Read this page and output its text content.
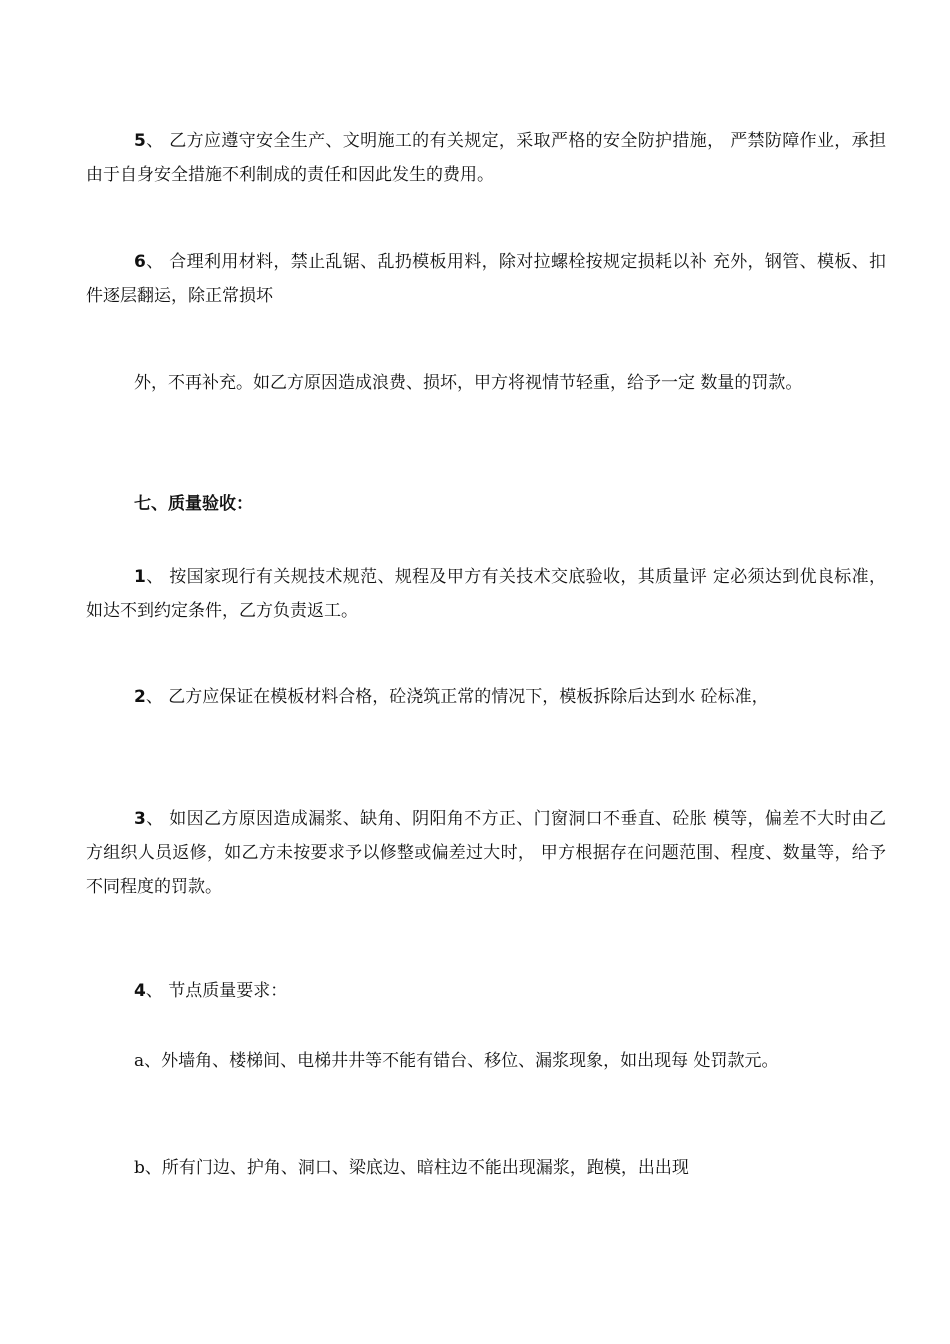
5、 乙方应遵守安全生产、文明施工的有关规定，采取严格的安全防护措施， 严禁防障作业，承担由于自身安全措施不利制成的责任和因此发生的费用。

6、 合理利用材料，禁止乱锯、乱扔模板用料，除对拉螺栓按规定损耗以补 充外，钢管、模板、扣件逐层翻运，除正常损坏

外，不再补充。如乙方原因造成浪费、损坏，甲方将视情节轻重，给予一定 数量的罚款。

七、质量验收：

1、 按国家现行有关规技术规范、规程及甲方有关技术交底验收，其质量评 定必须达到优良标准，如达不到约定条件，乙方负责返工。

2、 乙方应保证在模板材料合格，砼浇筑正常的情况下，模板拆除后达到水 砼标准，

3、 如因乙方原因造成漏浆、缺角、阴阳角不方正、门窗洞口不垂直、砼胀 模等，偏差不大时由乙方组织人员返修，如乙方未按要求予以修整或偏差过大时， 甲方根据存在问题范围、程度、数量等，给予不同程度的罚款。

4、 节点质量要求：

a、外墙角、楼梯间、电梯井井等不能有错台、移位、漏浆现象，如出现每 处罚款元。

b、所有门边、护角、洞口、梁底边、暗柱边不能出现漏浆，跑模，出出现
